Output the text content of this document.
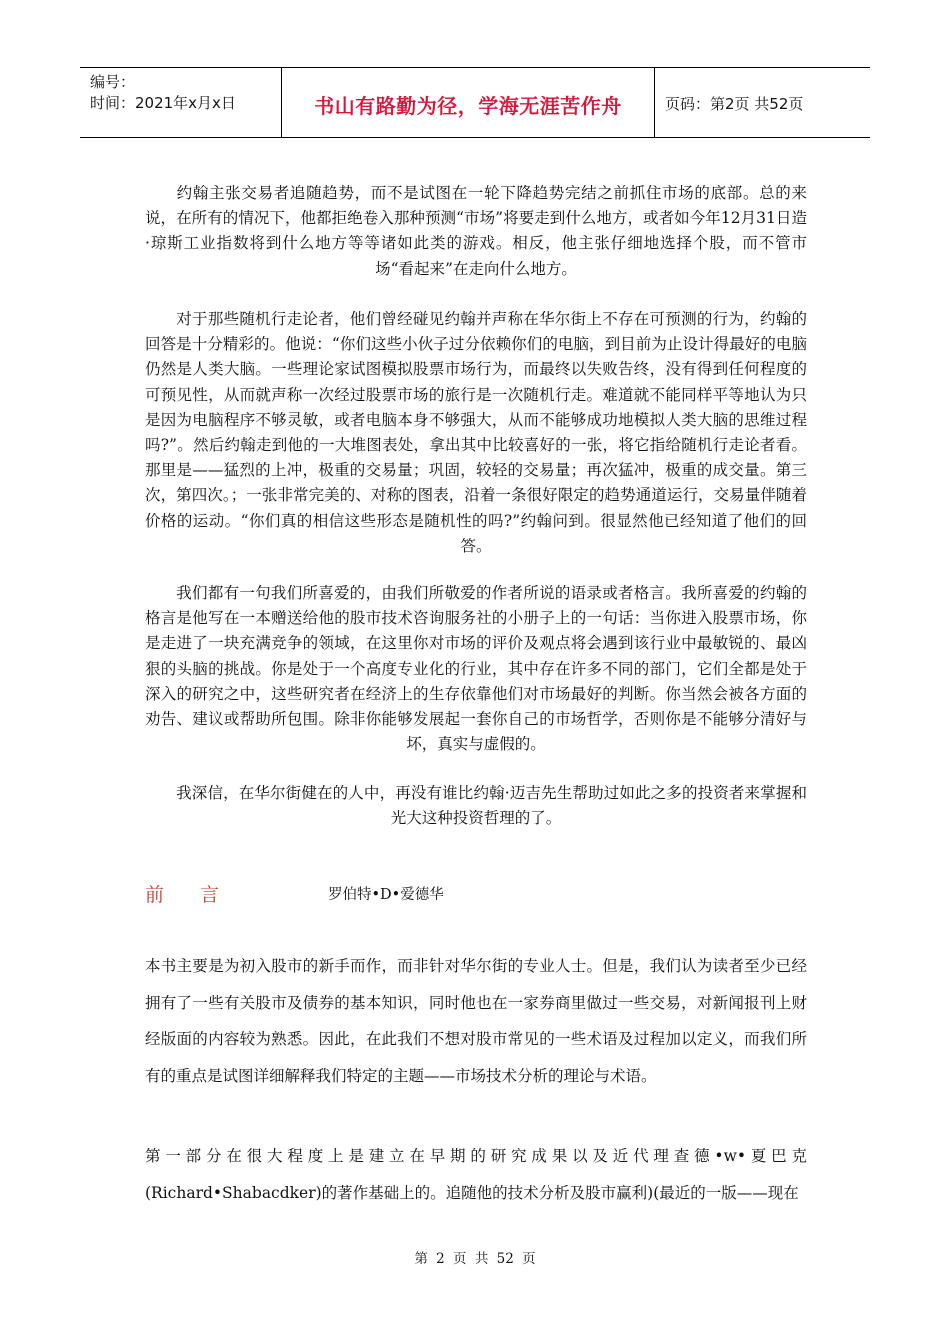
编号：
时间：2021年x月x日	书山有路勤为径，学海无涯苦作舟	页码：第2页 共52页

约翰主张交易者追随趋势，而不是试图在一轮下降趋势完结之前抓住市场的底部。总的来说，在所有的情况下，他都拒绝卷入那种预测“市场”将要走到什么地方，或者如今年12月31日造·琼斯工业指数将到什么地方等等诸如此类的游戏。相反，他主张仔细地选择个股，而不管市场“看起来”在走向什么地方。

对于那些随机行走论者，他们曾经碰见约翰并声称在华尔街上不存在可预测的行为，约翰的回答是十分精彩的。他说：“你们这些小伙子过分依赖你们的电脑，到目前为止设计得最好的电脑仍然是人类大脑。一些理论家试图模拟股票市场行为，而最终以失败告终，没有得到任何程度的可预见性，从而就声称一次经过股票市场的旅行是一次随机行走。难道就不能同样平等地认为只是因为电脑程序不够灵敏，或者电脑本身不够强大，从而不能够成功地模拟人类大脑的思维过程吗?”。然后约翰走到他的一大堆图表处，拿出其中比较喜好的一张，将它指给随机行走论者看。那里是——猛烈的上冲，极重的交易量；巩固，较轻的交易量；再次猛冲，极重的成交量。第三次，第四次。；一张非常完美的、对称的图表，沿着一条很好限定的趋势通道运行，交易量伴随着价格的运动。“你们真的相信这些形态是随机性的吗?”约翰问到。很显然他已经知道了他们的回答。

我们都有一句我们所喜爱的，由我们所敬爱的作者所说的语录或者格言。我所喜爱的约翰的格言是他写在一本赠送给他的股市技术咨询服务社的小册子上的一句话：当你进入股票市场，你是走进了一块充满竞争的领域，在这里你对市场的评价及观点将会遇到该行业中最敏锐的、最凶狠的头脑的挑战。你是处于一个高度专业化的行业，其中存在许多不同的部门，它们全都是处于深入的研究之中，这些研究者在经济上的生存依靠他们对市场最好的判断。你当然会被各方面的劝告、建议或帮助所包围。除非你能够发展起一套你自己的市场哲学，否则你是不能够分清好与坏，真实与虚假的。

我深信，在华尔街健在的人中，再没有谁比约翰·迈吉先生帮助过如此之多的投资者来掌握和光大这种投资哲理的了。

前言	罗伯特•D•爱德华

本书主要是为初入股市的新手而作，而非针对华尔街的专业人士。但是，我们认为读者至少已经拥有了一些有关股市及债券的基本知识，同时他也在一家券商里做过一些交易，对新闻报刊上财经版面的内容较为熟悉。因此，在此我们不想对股市常见的一些术语及过程加以定义，而我们所有的重点是试图详细解释我们特定的主题——市场技术分析的理论与术语。

第一部分在很大程度上是建立在早期的研究成果以及近代理查德•w•夏巴克(Richard•Shabacdker)的著作基础上的。追随他的技术分析及股市赢利)(最近的一版——现在

第 2 页 共 52 页
